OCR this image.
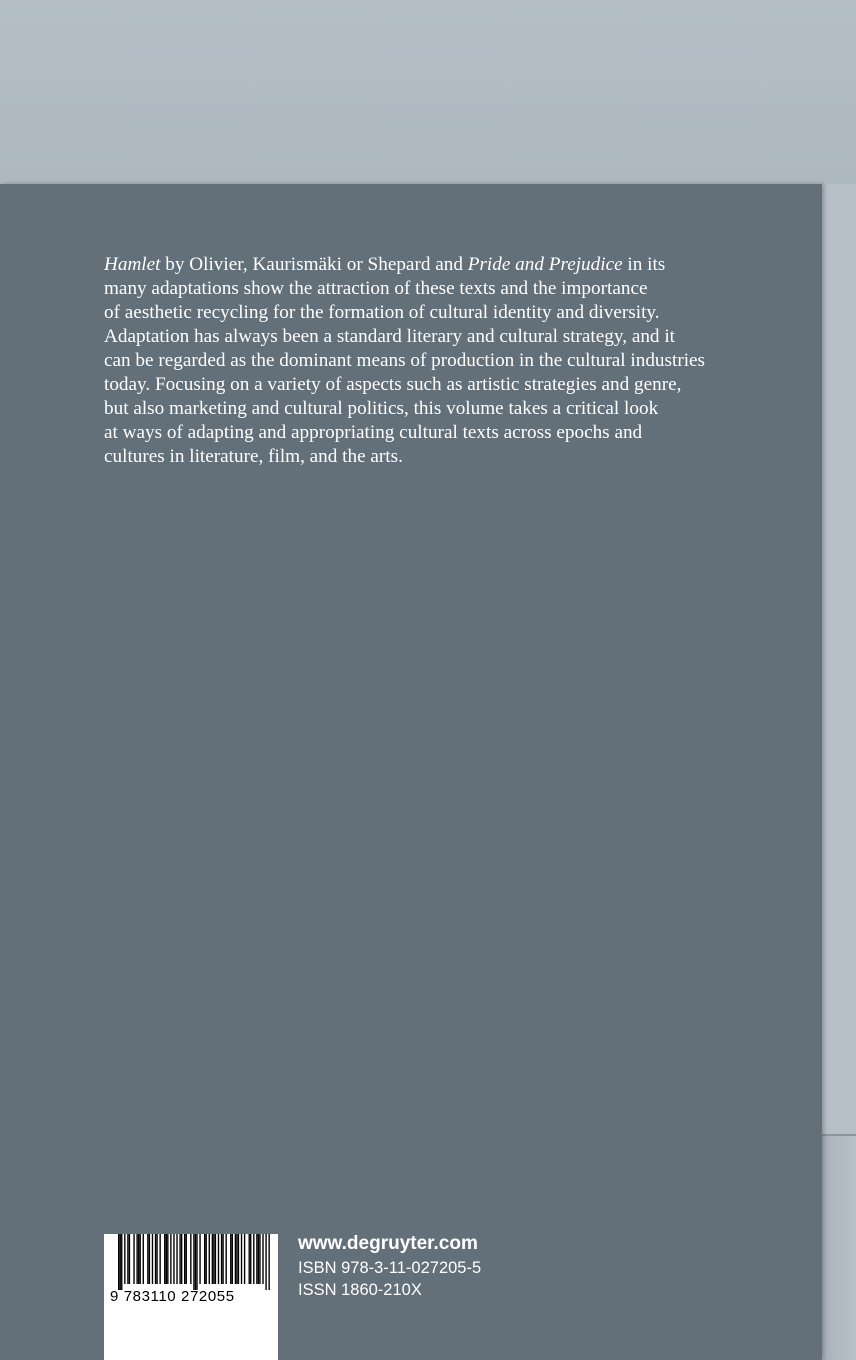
Hamlet by Olivier, Kaurismäki or Shepard and Pride and Prejudice in its
many adaptations show the attraction of these texts and the importance
of aesthetic recycling for the formation of cultural identity and diversity.
Adaptation has always been a standard literary and cultural strategy, and it
can be regarded as the dominant means of production in the cultural industries
today. Focusing on a variety of aspects such as artistic strategies and genre,
but also marketing and cultural politics, this volume takes a critical look
at ways of adapting and appropriating cultural texts across epochs and
cultures in literature, film, and the arts.

9 783110 272055
www.degruyter.com
ISBN 978-3-11-027205-5
ISSN 1860-210X
